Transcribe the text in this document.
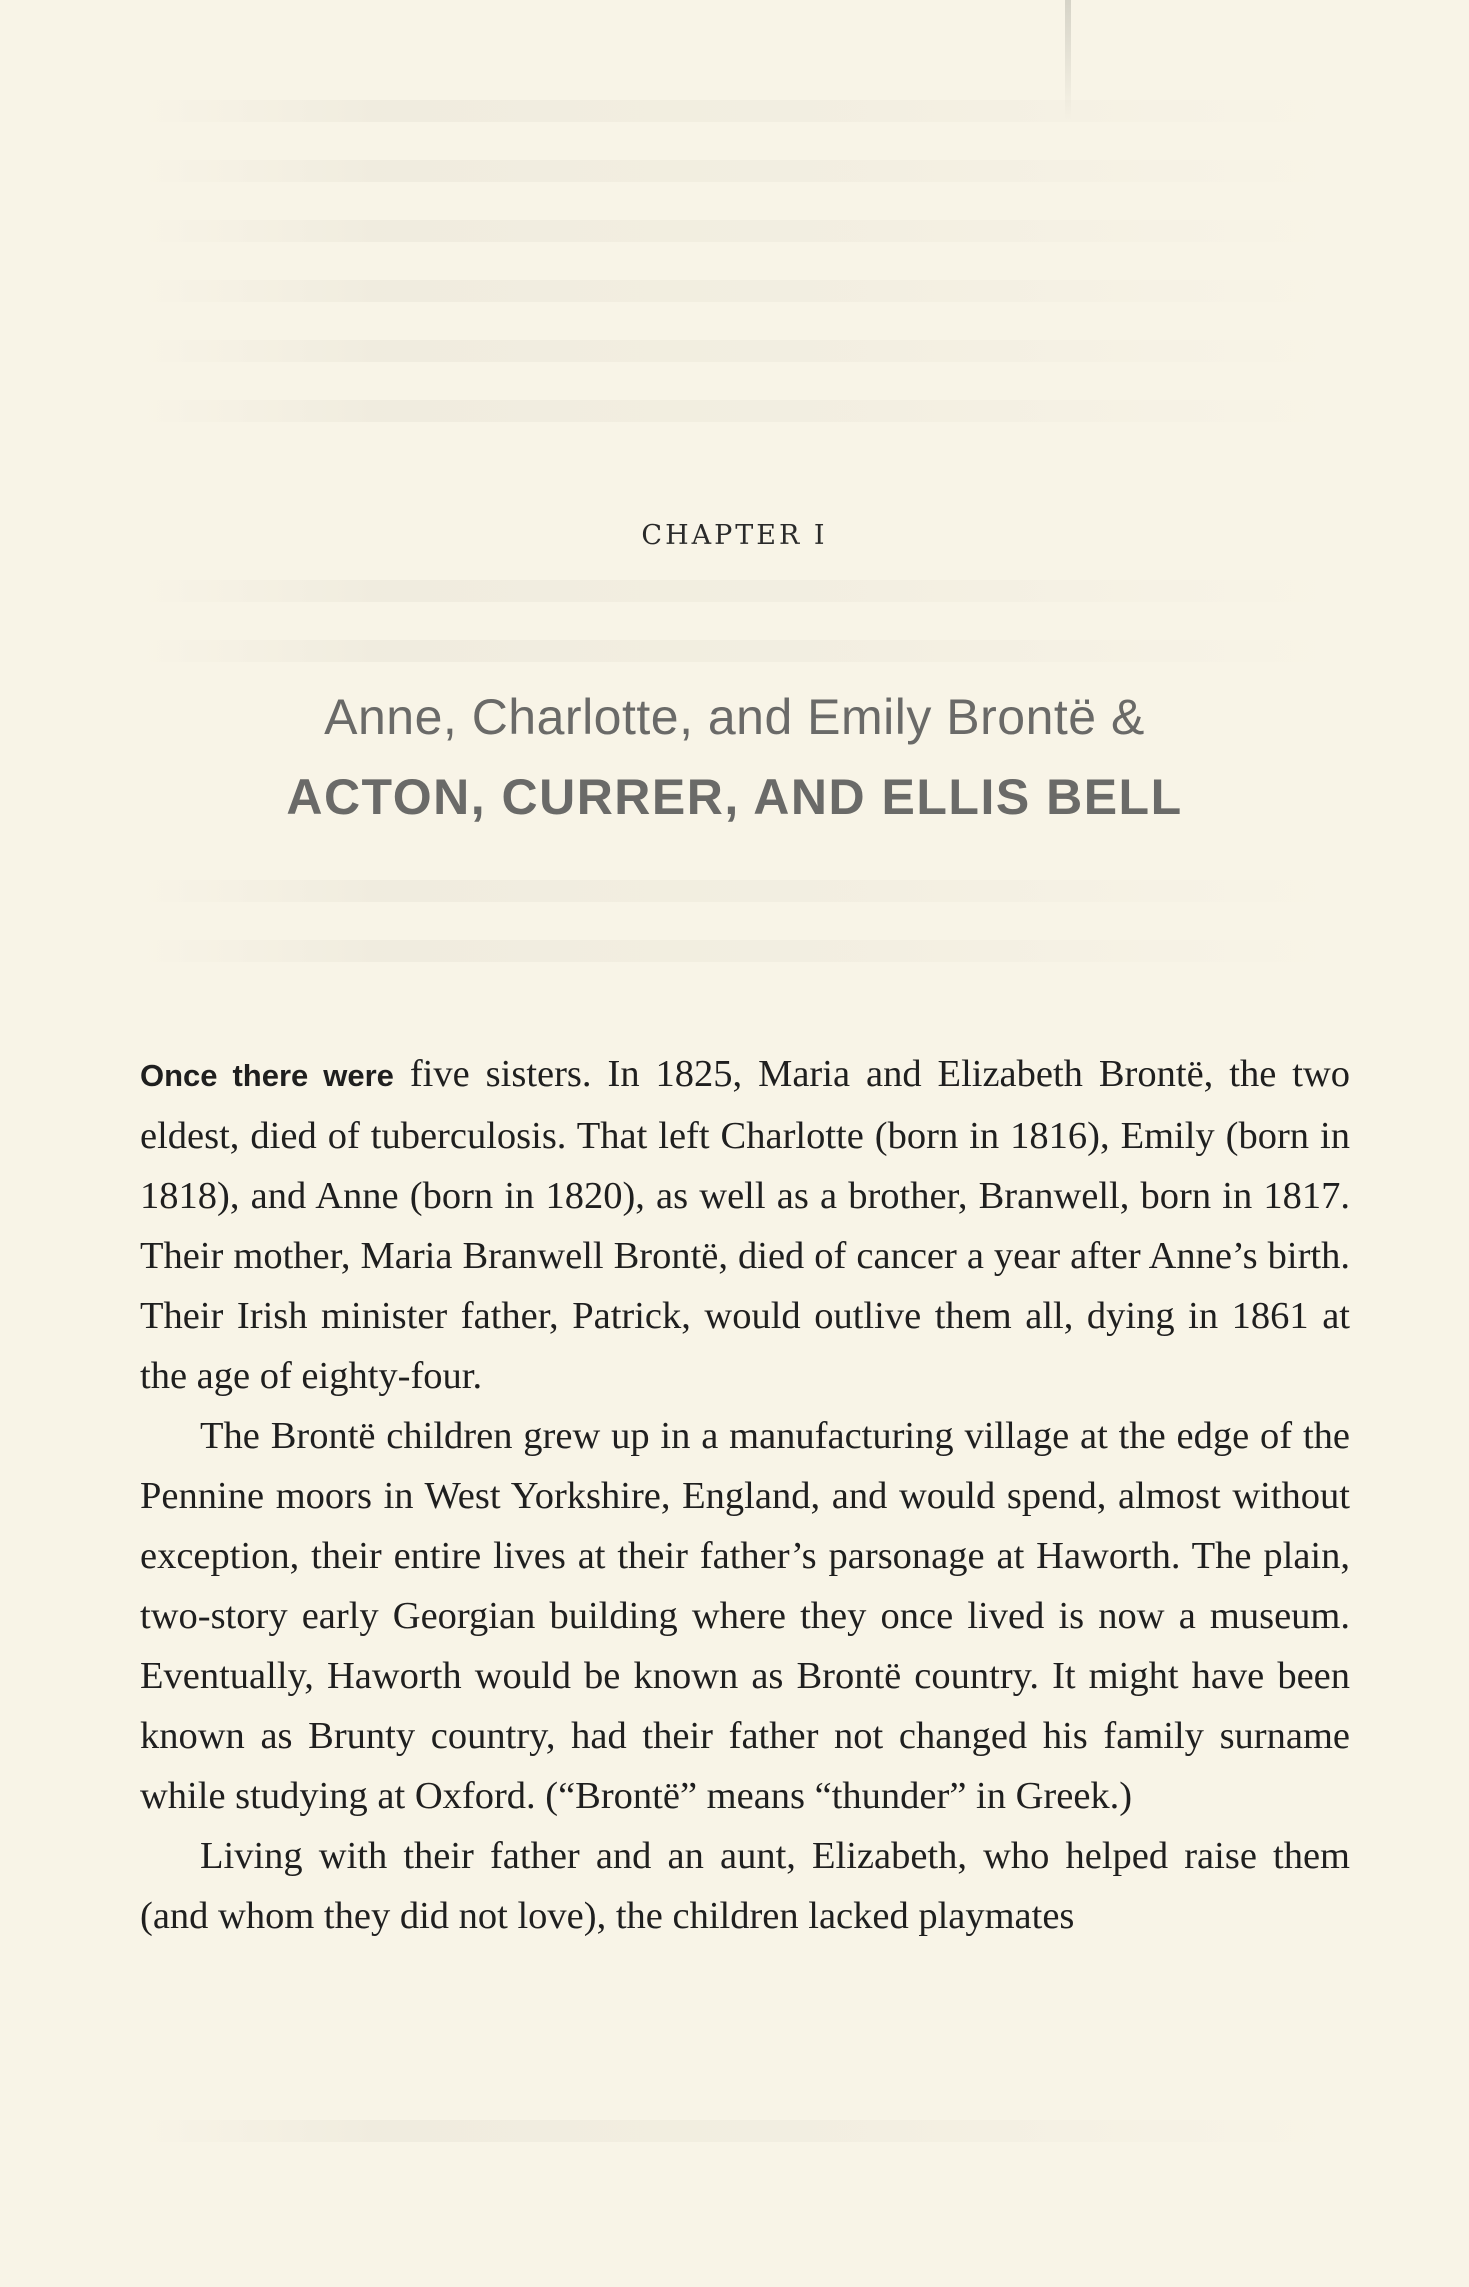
CHAPTER I
Anne, Charlotte, and Emily Brontë &
ACTON, CURRER, AND ELLIS BELL

Once there were five sisters. In 1825, Maria and Elizabeth Brontë, the two eldest, died of tuberculosis. That left Charlotte (born in 1816), Emily (born in 1818), and Anne (born in 1820), as well as a brother, Branwell, born in 1817. Their mother, Maria Branwell Brontë, died of cancer a year after Anne’s birth. Their Irish minister father, Patrick, would outlive them all, dying in 1861 at the age of eighty-four.

The Brontë children grew up in a manufacturing village at the edge of the Pennine moors in West Yorkshire, England, and would spend, almost without exception, their entire lives at their father’s parsonage at Haworth. The plain, two-story early Georgian building where they once lived is now a museum. Eventually, Haworth would be known as Brontë country. It might have been known as Brunty country, had their father not changed his family surname while studying at Oxford. (“Brontë” means “thunder” in Greek.)

Living with their father and an aunt, Elizabeth, who helped raise them (and whom they did not love), the children lacked playmates
